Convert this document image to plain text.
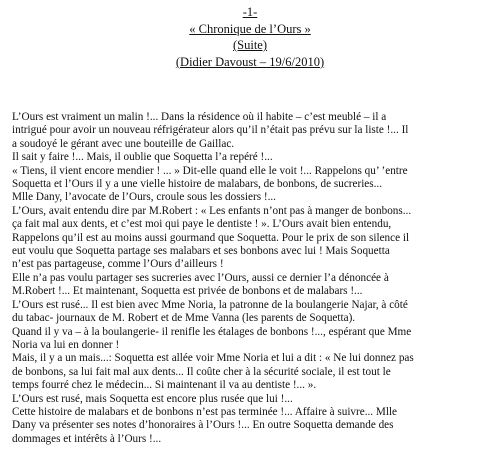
-1-
« Chronique de l’Ours »
(Suite)
(Didier Davoust – 19/6/2010)

L’Ours est vraiment un malin !... Dans la résidence où il habite – c’est meublé – il a

intrigué pour avoir un nouveau réfrigérateur alors qu’il n’était pas prévu sur la liste !... Il

a soudoyé le gérant avec une bouteille de Gaillac.

Il sait y faire !... Mais, il oublie que Soquetta l’a repéré !...

« Tiens, il vient encore mendier ! ... » Dit-elle quand elle le voit !... Rappelons qu’ ’entre

Soquetta et l’Ours il y a une vielle histoire de malabars, de bonbons, de sucreries...

Mlle Dany, l’avocate de l’Ours, croule sous les dossiers !...

L’Ours, avait entendu dire par M.Robert : « Les enfants n’ont pas à manger de bonbons...

ça fait mal aux dents, et c’est moi qui paye le dentiste ! ». L’Ours avait bien entendu,

Rappelons qu’il est au moins aussi gourmand que Soquetta. Pour le prix de son silence il

eut voulu que Soquetta partage ses malabars et ses bonbons avec lui ! Mais Soquetta

n’est pas partageuse, comme l’Ours d’ailleurs !

Elle n’a pas voulu partager ses sucreries avec l’Ours, aussi ce dernier l’a dénoncée à

M.Robert !... Et maintenant, Soquetta est privée de bonbons et de malabars !...

L’Ours est rusé... Il est bien avec Mme Noria, la patronne de la boulangerie Najar, à côté

du tabac- journaux de M. Robert et de Mme Vanna (les parents de Soquetta).

Quand il y va – à la boulangerie- il renifle les étalages de bonbons !..., espérant que Mme

Noria va lui en donner !

Mais, il y a un mais...: Soquetta est allée voir Mme Noria et lui a dit : « Ne lui donnez pas

de bonbons, sa lui fait mal aux dents... Il coûte cher à la sécurité sociale, il est tout le

temps fourré chez le médecin... Si maintenant il va au dentiste !... ».

L’Ours est rusé, mais Soquetta est encore plus rusée que lui !...

Cette histoire de malabars et de bonbons n’est pas terminée !... Affaire à suivre... Mlle

Dany va présenter ses notes d’honoraires à l’Ours !... En outre Soquetta demande des

dommages et intérêts à l’Ours !...
